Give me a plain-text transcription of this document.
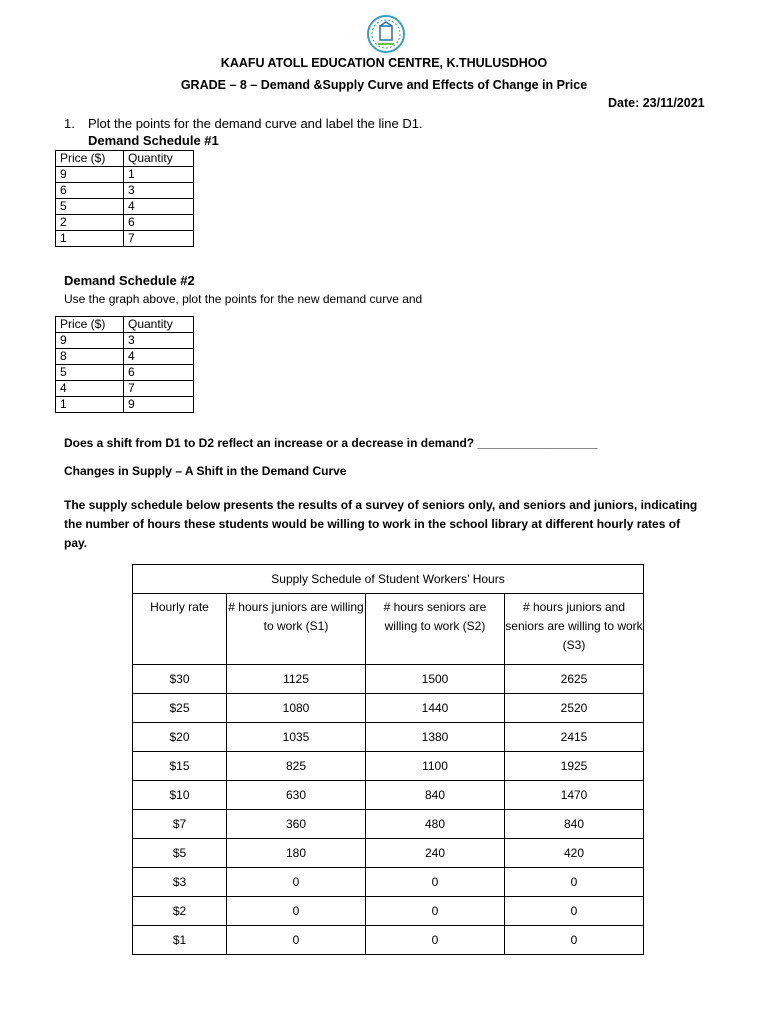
KAAFU ATOLL EDUCATION CENTRE, K.THULUSDHOO
GRADE – 8 – Demand &Supply Curve and Effects of Change in Price
Date: 23/11/2021
1. Plot the points for the demand curve and label the line D1.
Demand Schedule #1
Price ($)	Quantity
9	1
6	3
5	4
2	6
1	7
Demand Schedule #2
Use the graph above, plot the points for the new demand curve and
Price ($)	Quantity
9	3
8	4
5	6
4	7
1	9
Does a shift from D1 to D2 reflect an increase or a decrease in demand? __________________
Changes in Supply – A Shift in the Demand Curve
The supply schedule below presents the results of a survey of seniors only, and seniors and juniors, indicating the number of hours these students would be willing to work in the school library at different hourly rates of pay.
Supply Schedule of Student Workers’ Hours			
Hourly rate	# hours juniors are willing to work (S1)	# hours seniors are willing to work (S2)	# hours juniors and seniors are willing to work (S3)
$30	1125	1500	2625
$25	1080	1440	2520
$20	1035	1380	2415
$15	825	1100	1925
$10	630	840	1470
$7	360	480	840
$5	180	240	420
$3	0	0	0
$2	0	0	0
$1	0	0	0
